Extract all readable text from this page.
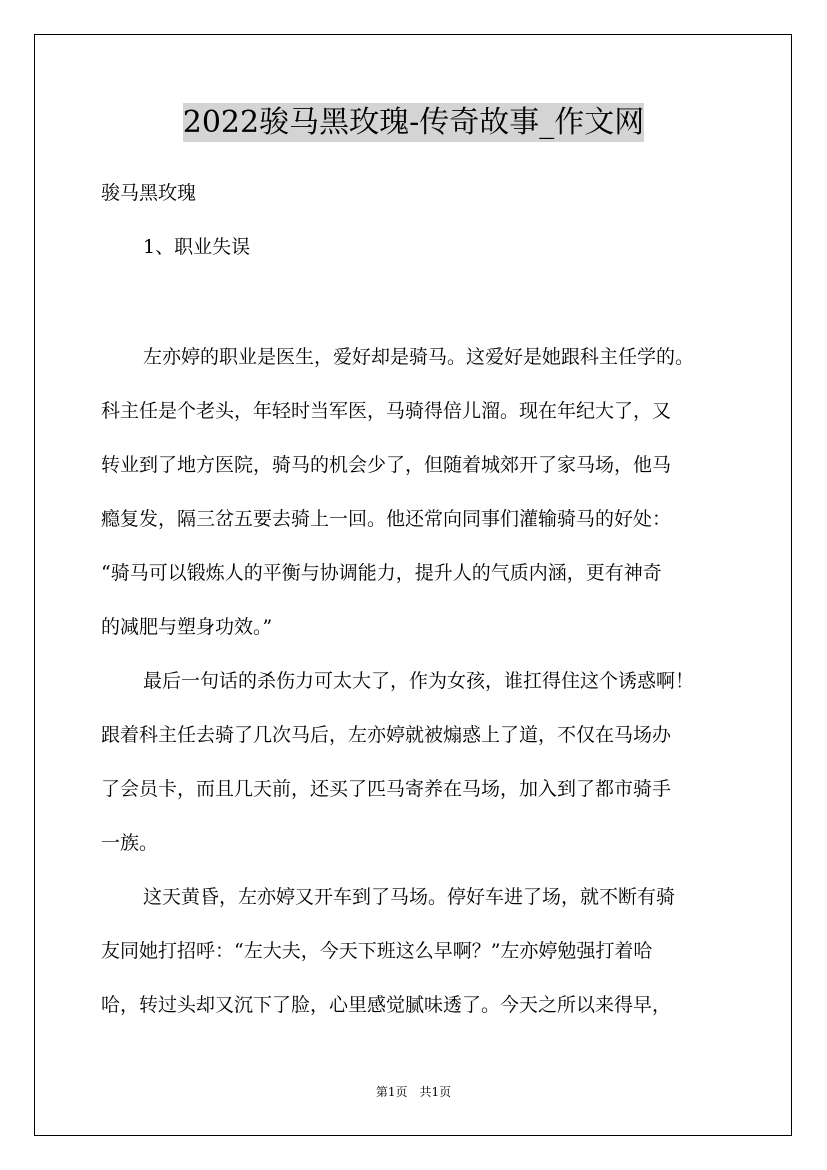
2022骏马黑玫瑰-传奇故事_作文网
骏马黑玫瑰
1、职业失误
左亦婷的职业是医生，爱好却是骑马。这爱好是她跟科主任学的。
科主任是个老头，年轻时当军医，马骑得倍儿溜。现在年纪大了，又
转业到了地方医院，骑马的机会少了，但随着城郊开了家马场，他马
瘾复发，隔三岔五要去骑上一回。他还常向同事们灌输骑马的好处：
“骑马可以锻炼人的平衡与协调能力，提升人的气质内涵，更有神奇
的减肥与塑身功效。”
最后一句话的杀伤力可太大了，作为女孩，谁扛得住这个诱惑啊！
跟着科主任去骑了几次马后，左亦婷就被煽惑上了道，不仅在马场办
了会员卡，而且几天前，还买了匹马寄养在马场，加入到了都市骑手
一族。
这天黄昏，左亦婷又开车到了马场。停好车进了场，就不断有骑
友同她打招呼：“左大夫，今天下班这么早啊？”左亦婷勉强打着哈
哈，转过头却又沉下了脸，心里感觉腻味透了。今天之所以来得早，
第1页　共1页
